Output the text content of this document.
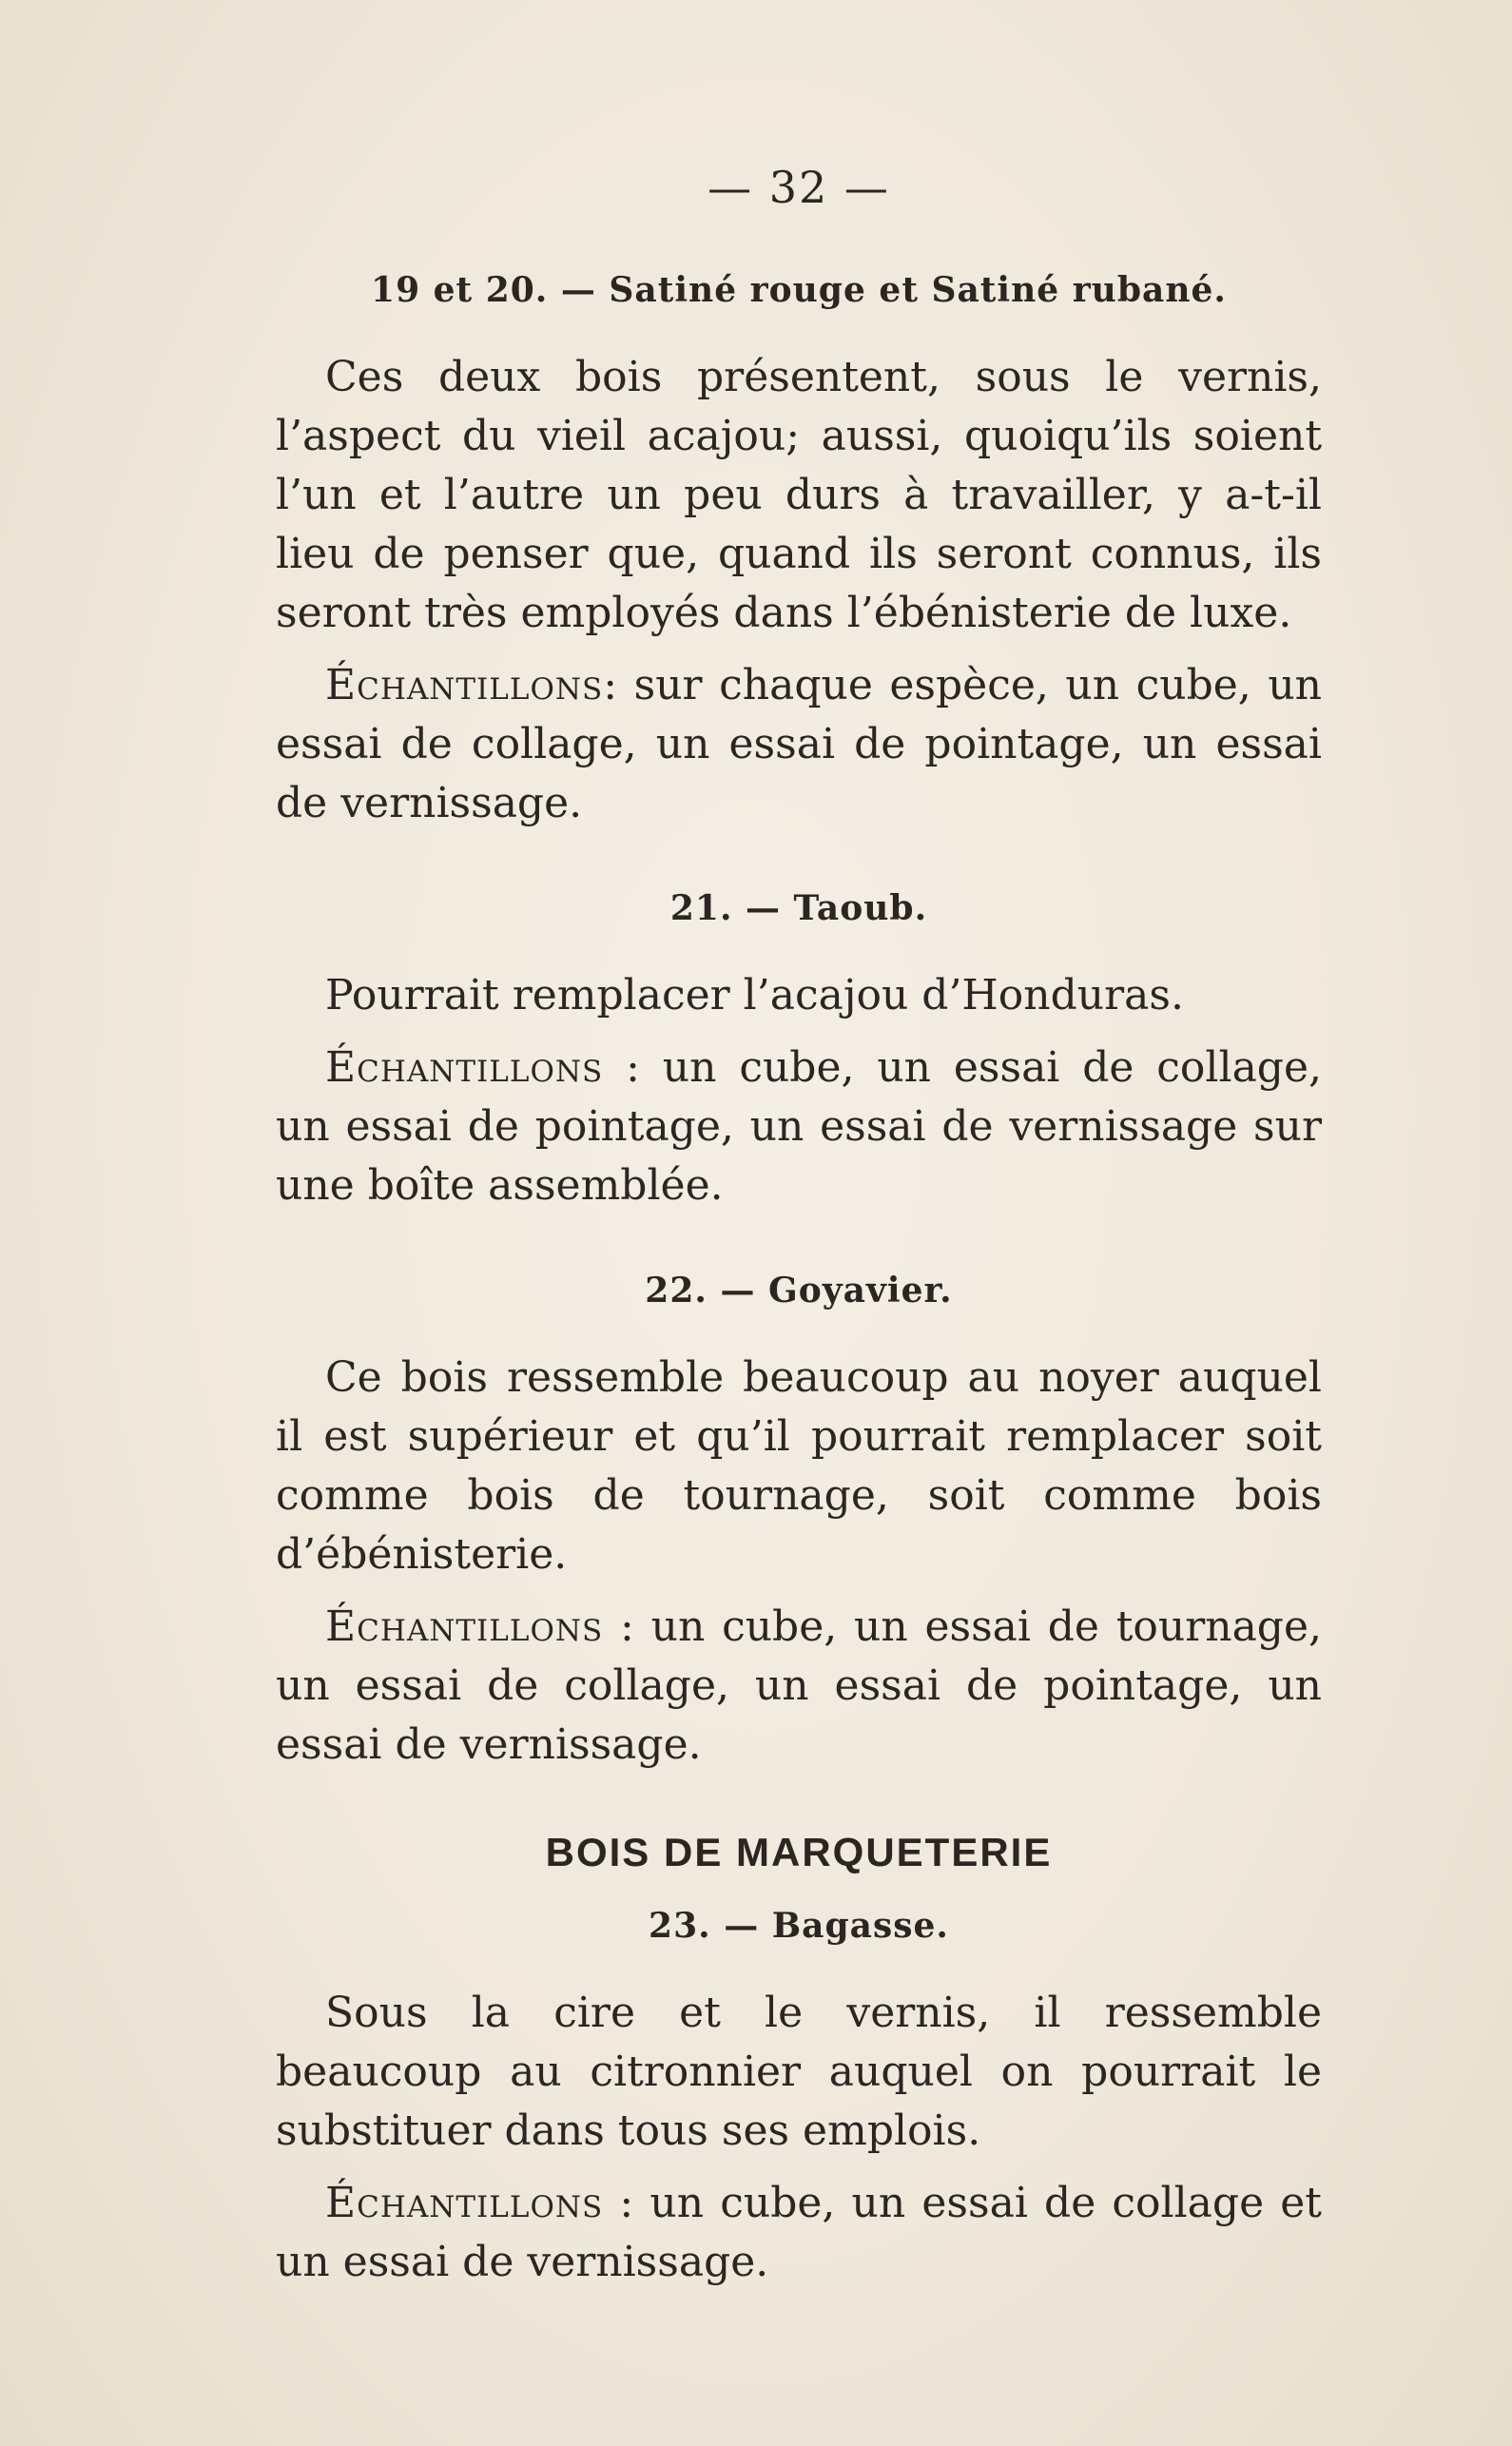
— 32 —
19 et 20. — Satiné rouge et Satiné rubané.

Ces deux bois présentent, sous le vernis, l’aspect du vieil acajou; aussi, quoiqu’ils soient l’un et l’autre un peu durs à travailler, y a-t-il lieu de penser que, quand ils seront connus, ils seront très employés dans l’ébénisterie de luxe.

Échantillons: sur chaque espèce, un cube, un essai de collage, un essai de pointage, un essai de vernissage.

21. — Taoub.

Pourrait remplacer l’acajou d’Honduras.

Échantillons : un cube, un essai de collage, un essai de pointage, un essai de vernissage sur une boîte assemblée.

22. — Goyavier.

Ce bois ressemble beaucoup au noyer auquel il est supérieur et qu’il pourrait remplacer soit comme bois de tournage, soit comme bois d’ébénisterie.

Échantillons : un cube, un essai de tournage, un essai de collage, un essai de pointage, un essai de vernissage.

BOIS DE MARQUETERIE
23. — Bagasse.

Sous la cire et le vernis, il ressemble beaucoup au citronnier auquel on pourrait le substituer dans tous ses emplois.

Échantillons : un cube, un essai de collage et un essai de vernissage.
